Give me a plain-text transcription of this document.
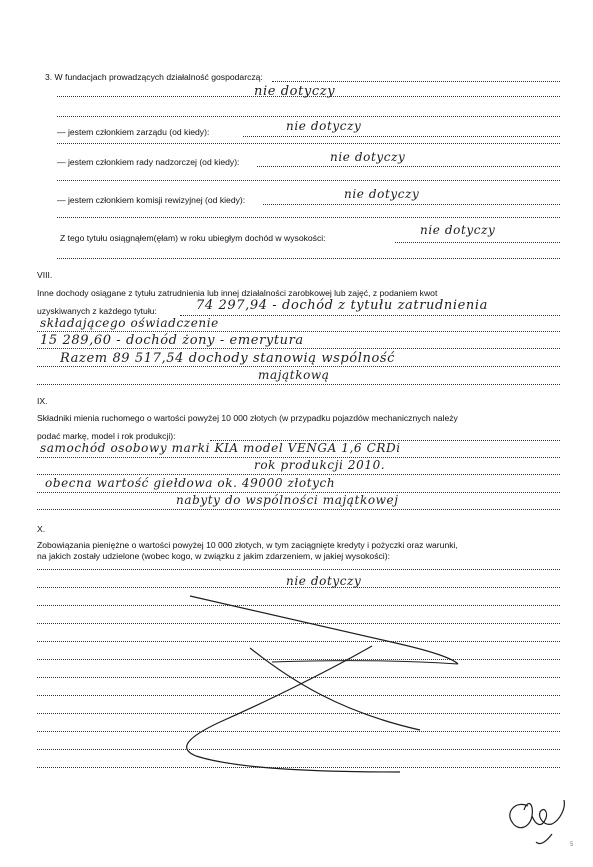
3. W fundacjach prowadzących działalność gospodarczą:
nie dotyczy
— jestem członkiem zarządu (od kiedy):	nie dotyczy
— jestem członkiem rady nadzorczej (od kiedy):	nie dotyczy
— jestem członkiem komisji rewizyjnej (od kiedy):	nie dotyczy
Z tego tytułu osiągnąłem(ęłam) w roku ubiegłym dochód w wysokości:
nie dotyczy
VIII.
Inne dochody osiągane z tytułu zatrudnienia lub innej działalności zarobkowej lub zajęć, z podaniem kwot
uzyskiwanych z każdego tytułu:	74 297,94 - dochód z tytułu zatrudnienia
składającego oświadczenie
15 289,60 - dochód żony - emerytura
Razem 89 517,54 dochody stanowią wspólność
majątkową
IX.
Składniki mienia ruchomego o wartości powyżej 10 000 złotych (w przypadku pojazdów mechanicznych należy
podać markę, model i rok produkcji):
samochód osobowy marki KIA model VENGA 1,6 CRDi
rok produkcji 2010.
obecna wartość giełdowa ok. 49000 złotych
nabyty do wspólności majątkowej
X.
Zobowiązania pieniężne o wartości powyżej 10 000 złotych, w tym zaciągnięte kredyty i pożyczki oraz warunki,
na jakich zostały udzielone (wobec kogo, w związku z jakim zdarzeniem, w jakiej wysokości):
nie dotyczy
5
